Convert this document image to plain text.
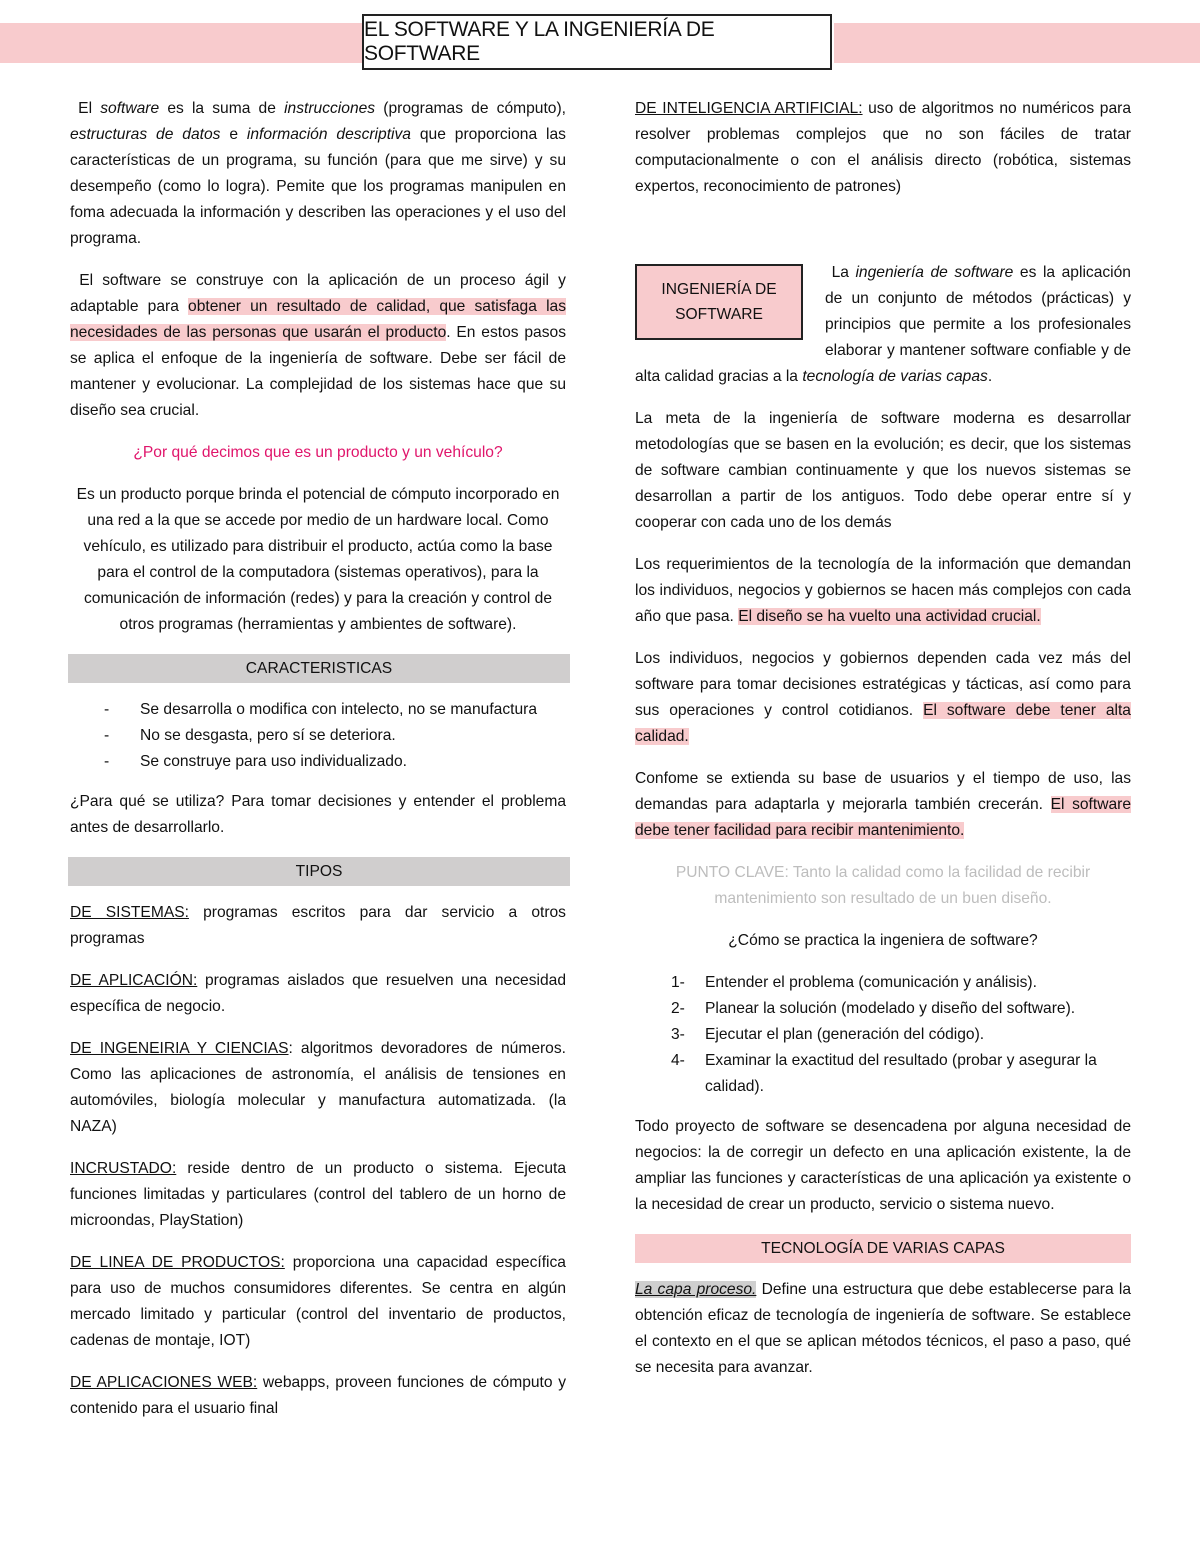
EL SOFTWARE Y LA INGENIERÍA DE SOFTWARE

El software es la suma de instrucciones (programas de cómputo), estructuras de datos e información descriptiva que proporciona las características de un programa, su función (para que me sirve) y su desempeño (como lo logra). Pemite que los programas manipulen en foma adecuada la información y describen las operaciones y el uso del programa.

El software se construye con la aplicación de un proceso ágil y adaptable para obtener un resultado de calidad, que satisfaga las necesidades de las personas que usarán el producto. En estos pasos se aplica el enfoque de la ingeniería de software. Debe ser fácil de mantener y evolucionar. La complejidad de los sistemas hace que su diseño sea crucial.

¿Por qué decimos que es un producto y un vehículo?

Es un producto porque brinda el potencial de cómputo incorporado en una red a la que se accede por medio de un hardware local. Como vehículo, es utilizado para distribuir el producto, actúa como la base para el control de la computadora (sistemas operativos), para la comunicación de información (redes) y para la creación y control de otros programas (herramientas y ambientes de software).

CARACTERISTICAS
- Se desarrolla o modifica con intelecto, no se manufactura
- No se desgasta, pero sí se deteriora.
- Se construye para uso individualizado.

¿Para qué se utiliza? Para tomar decisiones y entender el problema antes de desarrollarlo.

TIPOS

DE SISTEMAS: programas escritos para dar servicio a otros programas

DE APLICACIÓN: programas aislados que resuelven una necesidad específica de negocio.

DE INGENEIRIA Y CIENCIAS: algoritmos devoradores de números. Como las aplicaciones de astronomía, el análisis de tensiones en automóviles, biología molecular y manufactura automatizada. (la NAZA)

INCRUSTADO: reside dentro de un producto o sistema. Ejecuta funciones limitadas y particulares (control del tablero de un horno de microondas, PlayStation)

DE LINEA DE PRODUCTOS: proporciona una capacidad específica para uso de muchos consumidores diferentes. Se centra en algún mercado limitado y particular (control del inventario de productos, cadenas de montaje, IOT)

DE APLICACIONES WEB: webapps, proveen funciones de cómputo y contenido para el usuario final

DE INTELIGENCIA ARTIFICIAL: uso de algoritmos no numéricos para resolver problemas complejos que no son fáciles de tratar computacionalmente o con el análisis directo (robótica, sistemas expertos, reconocimiento de patrones)

INGENIERÍA DE SOFTWARE

La ingeniería de software es la aplicación de un conjunto de métodos (prácticas) y principios que permite a los profesionales elaborar y mantener software confiable y de alta calidad gracias a la tecnología de varias capas.

La meta de la ingeniería de software moderna es desarrollar metodologías que se basen en la evolución; es decir, que los sistemas de software cambian continuamente y que los nuevos sistemas se desarrollan a partir de los antiguos. Todo debe operar entre sí y cooperar con cada uno de los demás

Los requerimientos de la tecnología de la información que demandan los individuos, negocios y gobiernos se hacen más complejos con cada año que pasa. El diseño se ha vuelto una actividad crucial.

Los individuos, negocios y gobiernos dependen cada vez más del software para tomar decisiones estratégicas y tácticas, así como para sus operaciones y control cotidianos. El software debe tener alta calidad.

Confome se extienda su base de usuarios y el tiempo de uso, las demandas para adaptarla y mejorarla también crecerán. El software debe tener facilidad para recibir mantenimiento.

PUNTO CLAVE: Tanto la calidad como la facilidad de recibir mantenimiento son resultado de un buen diseño.

¿Cómo se practica la ingeniera de software?

1- Entender el problema (comunicación y análisis).
2- Planear la solución (modelado y diseño del software).
3- Ejecutar el plan (generación del código).
4- Examinar la exactitud del resultado (probar y asegurar la calidad).

Todo proyecto de software se desencadena por alguna necesidad de negocios: la de corregir un defecto en una aplicación existente, la de ampliar las funciones y características de una aplicación ya existente o la necesidad de crear un producto, servicio o sistema nuevo.

TECNOLOGÍA DE VARIAS CAPAS

La capa proceso. Define una estructura que debe establecerse para la obtención eficaz de tecnología de ingeniería de software. Se establece el contexto en el que se aplican métodos técnicos, el paso a paso, qué se necesita para avanzar.
